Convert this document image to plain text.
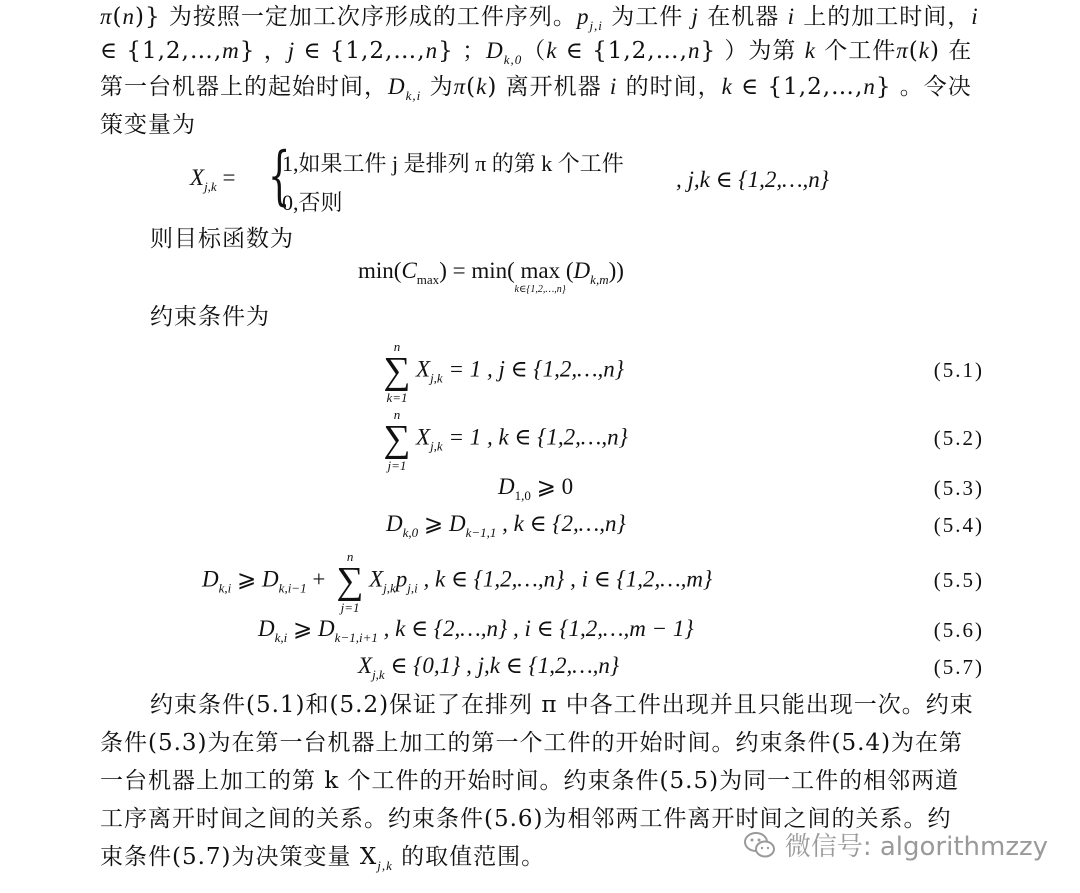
π(n)} 为按照一定加工次序形成的工件序列。$p_{j,i}$ 为工件 j 在机器 i 上的加工时间，i
∈ {1,2,…,m} ，j ∈ {1,2,…,n} ；$D_{k,0}(k$ ∈ {1,2,…,n} ）为第 k 个工件π(k) 在
第一台机器上的起始时间，$D_{k,i}$ 为π(k) 离开机器 i 的时间，k ∈ {1,2,…,n} 。令决
策变量为
$X_{j,k}$ = {
1,如果工件 j 是排列 π 的第 k 个工件
0,否则
, j,k ∈ {1,2,…,n}
则目标函数为
$\min(C_{max}) = \min$( max
k∈{1,2,…,n}
$(D_{k,m})$)
约束条件为
n
∑
k=1
$X_{j,k} = 1$ , j ∈ {1,2,…,n}	(5.1)
n
∑
j=1
$X_{j,k} = 1$ , k ∈ {1,2,…,n}	(5.2)
$D_{1,0}$ ⩾ 0	(5.3)
$D_{k,0}$ ⩾ $D_{k-1,1}$ , k ∈ {2,…,n}	(5.4)
$D_{k,i}$ ⩾ $D_{k,i-1}$ +
n
∑
j=1
$X_{j,k}p_{j,i}$ , k ∈ {1,2,…,n} , i ∈ {1,2,…,m}	(5.5)
$D_{k,i}$ ⩾ $D_{k-1,i+1}$ , k ∈ {2,…,n} , i ∈ {1,2,…,m − 1}	(5.6)
$X_{j,k}$ ∈ {0,1} , j,k ∈ {1,2,…,n}	(5.7)
约束条件(5.1)和(5.2)保证了在排列 π 中各工件出现并且只能出现一次。约束
条件(5.3)为在第一台机器上加工的第一个工件的开始时间。约束条件(5.4)为在第
一台机器上加工的第 k 个工件的开始时间。约束条件(5.5)为同一工件的相邻两道
工序离开时间之间的关系。约束条件(5.6)为相邻两工件离开时间之间的关系。约
束条件(5.7)为决策变量 $X_{j,k}$ 的取值范围。	微信号: algorithmzzy
